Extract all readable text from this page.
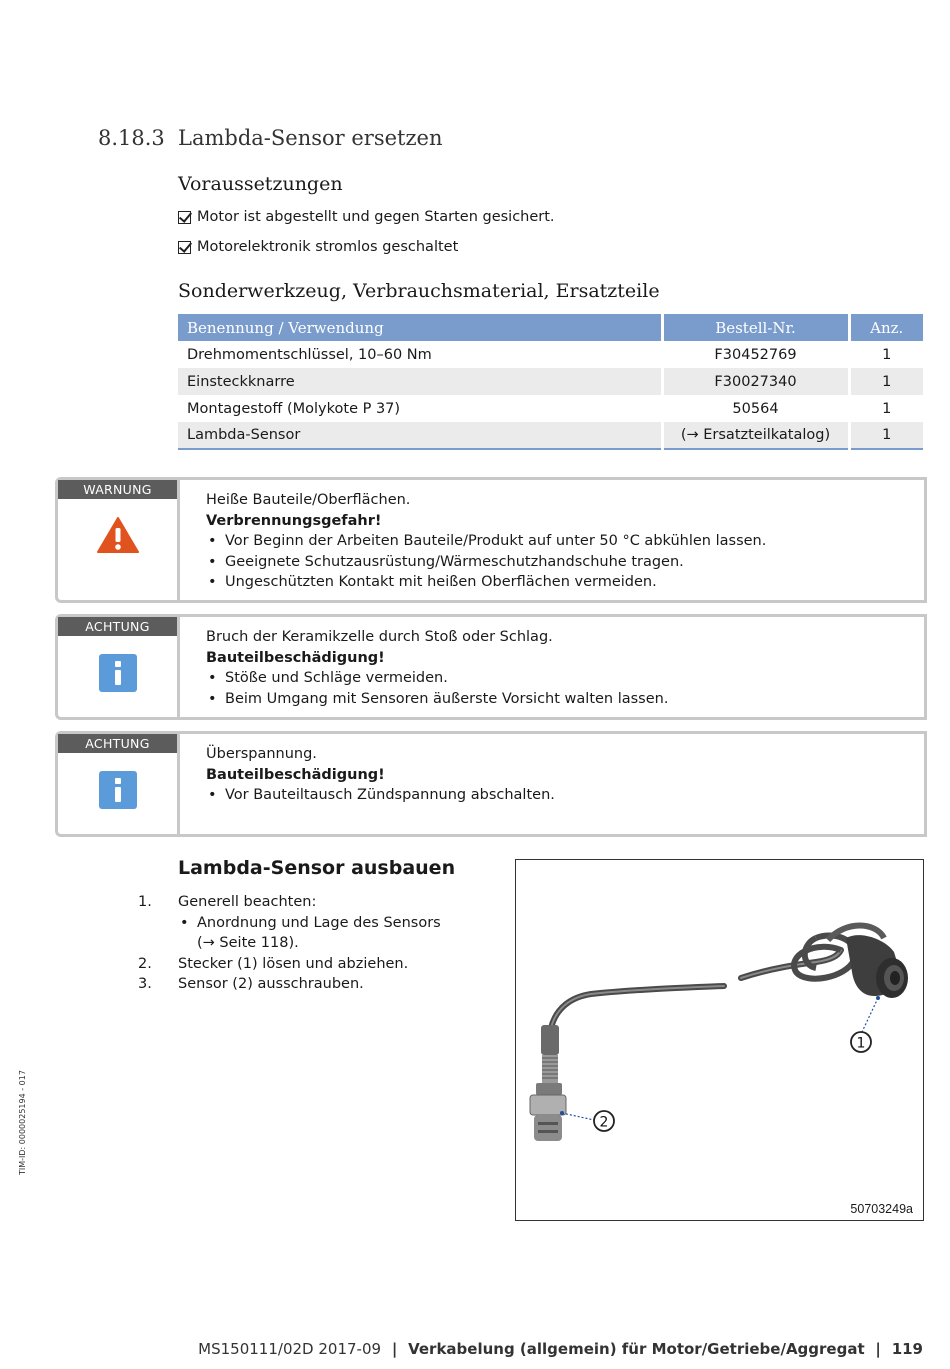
8.18.3 Lambda-Sensor ersetzen
Voraussetzungen
Motor ist abgestellt und gegen Starten gesichert.
Motorelektronik stromlos geschaltet
Sonderwerkzeug, Verbrauchsmaterial, Ersatzteile
Benennung / Verwendung	Bestell-Nr.	Anz.
Drehmomentschlüssel, 10–60 Nm	F30452769	1
Einsteckknarre	F30027340	1
Montagestoff (Molykote P 37)	50564	1
Lambda-Sensor	(→ Ersatzteilkatalog)	1
WARNUNG
Heiße Bauteile/Oberflächen.
Verbrennungsgefahr!
• Vor Beginn der Arbeiten Bauteile/Produkt auf unter 50 °C abkühlen lassen.
• Geeignete Schutzausrüstung/Wärmeschutzhandschuhe tragen.
• Ungeschützten Kontakt mit heißen Oberflächen vermeiden.
ACHTUNG
Bruch der Keramikzelle durch Stoß oder Schlag.
Bauteilbeschädigung!
• Stöße und Schläge vermeiden.
• Beim Umgang mit Sensoren äußerste Vorsicht walten lassen.
ACHTUNG
Überspannung.
Bauteilbeschädigung!
• Vor Bauteiltausch Zündspannung abschalten.
Lambda-Sensor ausbauen
1.	Generell beachten:
• Anordnung und Lage des Sensors
(→ Seite 118).
2.	Stecker (1) lösen und abziehen.
3.	Sensor (2) ausschrauben.
2
1
50703249a
TIM-ID: 0000025194 - 017
MS150111/02D 2017-09 | Verkabelung (allgemein) für Motor/Getriebe/Aggregat | 119
